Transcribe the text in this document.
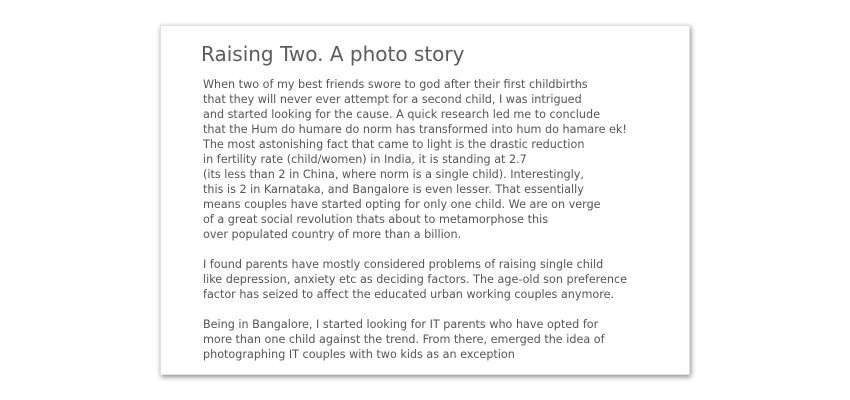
Raising Two. A photo story

When two of my best friends swore to god after their first childbirths
that they will never ever attempt for a second child, I was intrigued
and started looking for the cause. A quick research led me to conclude
that the Hum do humare do norm has transformed into hum do hamare ek!
The most astonishing fact that came to light is the drastic reduction
in fertility rate (child/women) in India, it is standing at 2.7
(its less than 2 in China, where norm is a single child). Interestingly,
this is 2 in Karnataka, and Bangalore is even lesser. That essentially
means couples have started opting for only one child. We are on verge
of a great social revolution thats about to metamorphose this
over populated country of more than a billion.

I found parents have mostly considered problems of raising single child
like depression, anxiety etc as deciding factors. The age-old son preference
factor has seized to affect the educated urban working couples anymore.

Being in Bangalore, I started looking for IT parents who have opted for
more than one child against the trend. From there, emerged the idea of
photographing IT couples with two kids as an exception
